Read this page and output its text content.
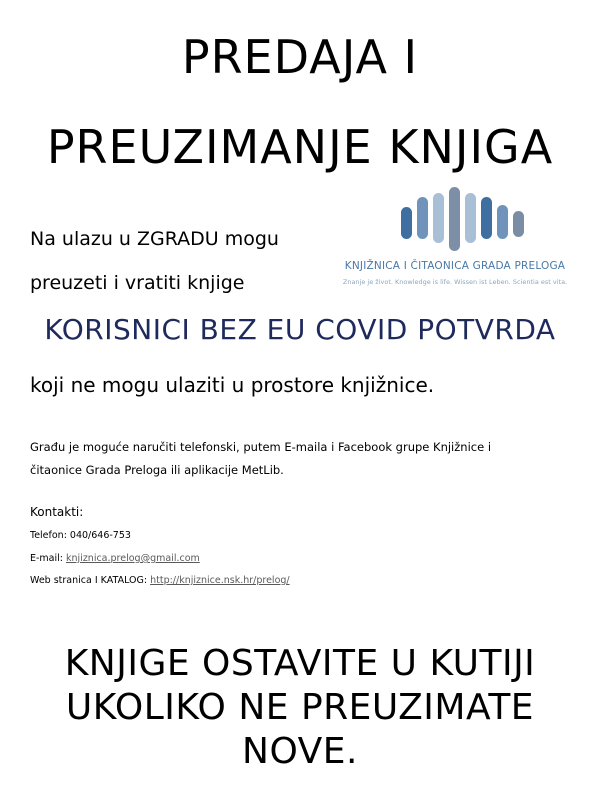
PREDAJA I
PREUZIMANJE KNJIGA
Na ulazu u ZGRADU mogu
preuzeti i vratiti knjige
KNJIŽNICA I ČITAONICA GRADA PRELOGA
Znanje je život. Knowledge is life. Wissen ist Leben. Scientia est vita.
KORISNICI BEZ EU COVID POTVRDA
koji ne mogu ulaziti u prostore knjižnice.
Građu je moguće naručiti telefonski, putem E-maila i Facebook grupe Knjižnice i
čitaonice Grada Preloga ili aplikacije MetLib.
Kontakti:
Telefon: 040/646-753
E-mail: knjiznica.prelog@gmail.com
Web stranica I KATALOG: http://knjiznice.nsk.hr/prelog/
KNJIGE OSTAVITE U KUTIJI
UKOLIKO NE PREUZIMATE
NOVE.
